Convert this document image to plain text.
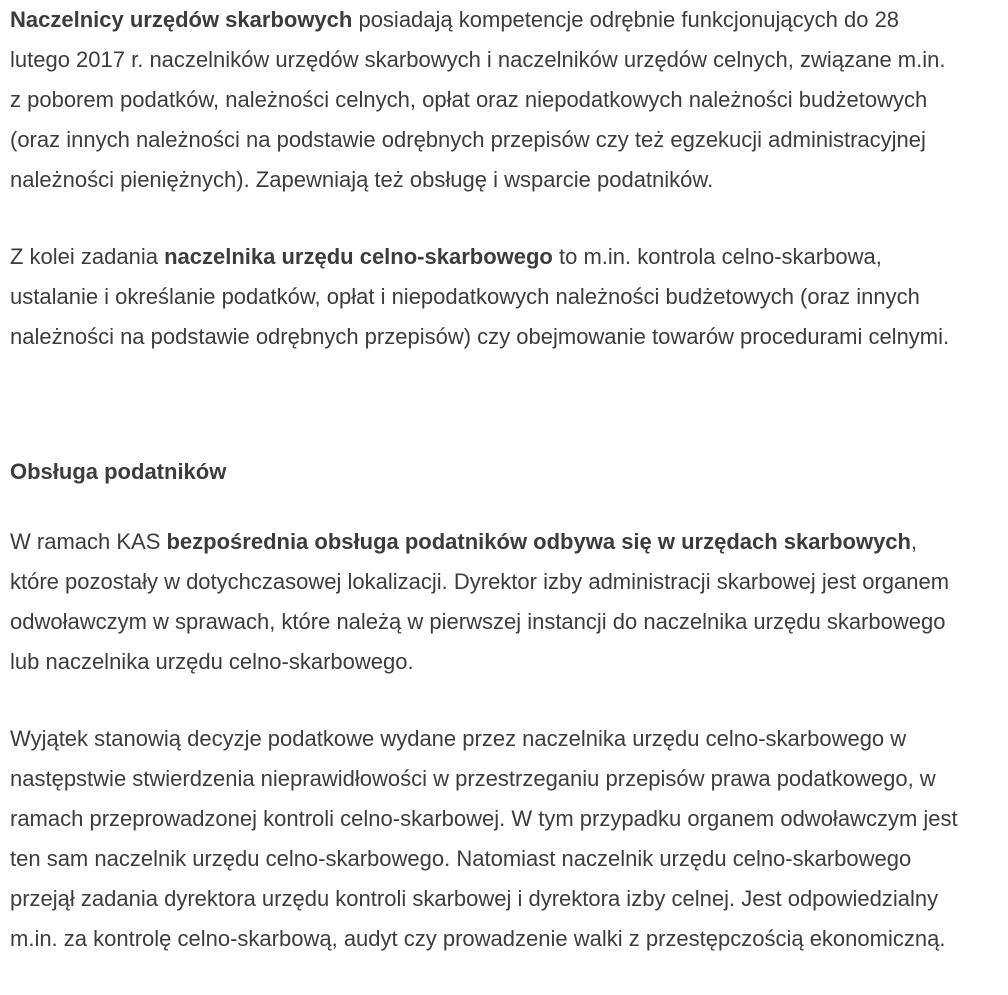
Naczelnicy urzędów skarbowych posiadają kompetencje odrębnie funkcjonujących do 28
lutego 2017 r. naczelników urzędów skarbowych i naczelników urzędów celnych, związane m.in.
z poborem podatków, należności celnych, opłat oraz niepodatkowych należności budżetowych
(oraz innych należności na podstawie odrębnych przepisów czy też egzekucji administracyjnej
należności pieniężnych). Zapewniają też obsługę i wsparcie podatników.

Z kolei zadania naczelnika urzędu celno-skarbowego to m.in. kontrola celno-skarbowa,
ustalanie i określanie podatków, opłat i niepodatkowych należności budżetowych (oraz innych
należności na podstawie odrębnych przepisów) czy obejmowanie towarów procedurami celnymi.

Obsługa podatników

W ramach KAS bezpośrednia obsługa podatników odbywa się w urzędach skarbowych,
które pozostały w dotychczasowej lokalizacji. Dyrektor izby administracji skarbowej jest organem
odwoławczym w sprawach, które należą w pierwszej instancji do naczelnika urzędu skarbowego
lub naczelnika urzędu celno-skarbowego.

Wyjątek stanowią decyzje podatkowe wydane przez naczelnika urzędu celno-skarbowego w
następstwie stwierdzenia nieprawidłowości w przestrzeganiu przepisów prawa podatkowego, w
ramach przeprowadzonej kontroli celno-skarbowej. W tym przypadku organem odwoławczym jest
ten sam naczelnik urzędu celno-skarbowego. Natomiast naczelnik urzędu celno-skarbowego
przejął zadania dyrektora urzędu kontroli skarbowej i dyrektora izby celnej. Jest odpowiedzialny
m.in. za kontrolę celno-skarbową, audyt czy prowadzenie walki z przestępczością ekonomiczną.
